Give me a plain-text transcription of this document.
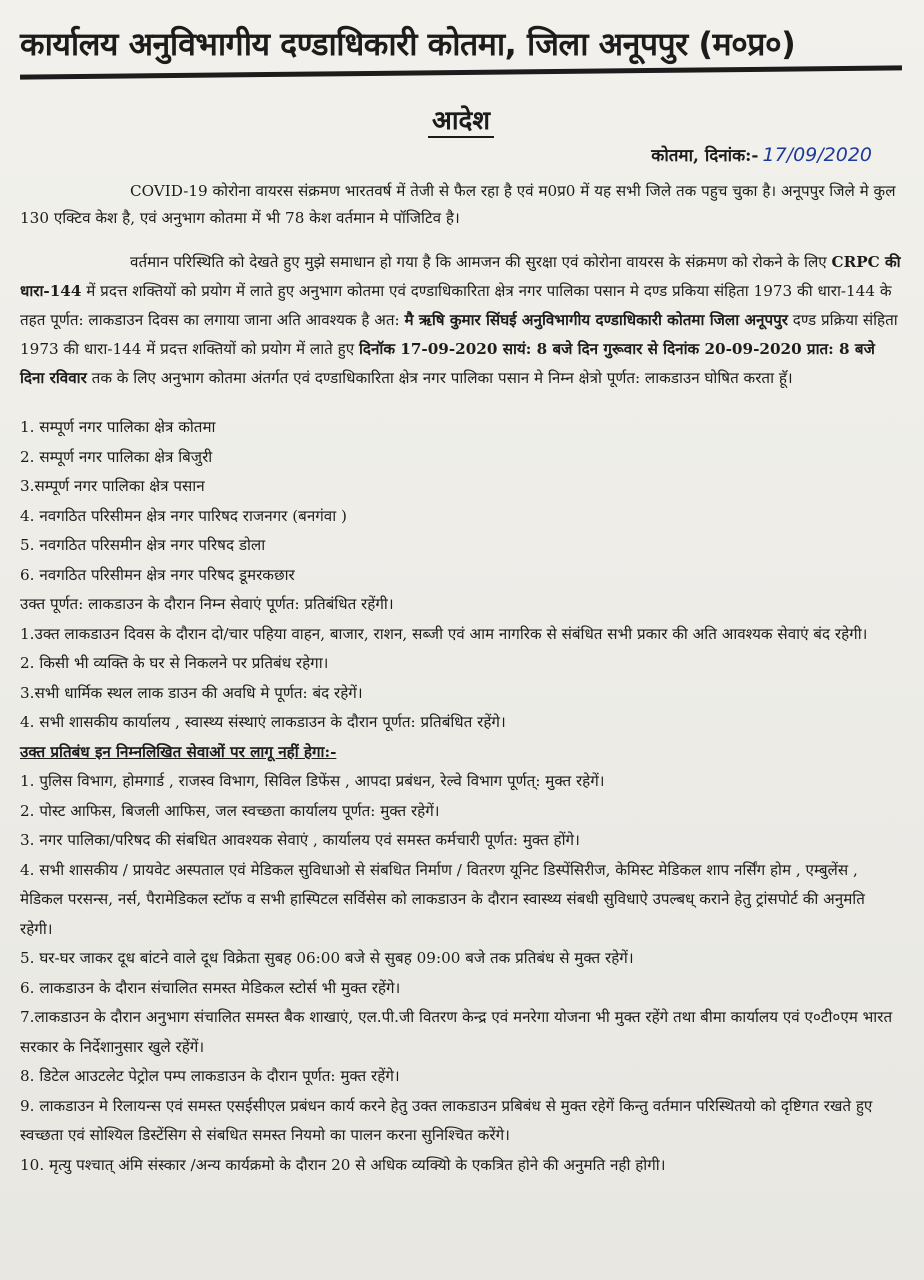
कार्यालय अनुविभागीय दण्डाधिकारी कोतमा, जिला अनूपपुर (म०प्र०)
आदेश
कोतमा, दिनांक:- 17/09/2020

COVID-19 कोरोना वायरस संक्रमण भारतवर्ष में तेजी से फैल रहा है एवं म0प्र0 में यह सभी जिले तक पहुच चुका है। अनूपपुर जिले मे कुल 130 एक्टिव केश है, एवं अनुभाग कोतमा में भी 78 केश वर्तमान मे पॉजिटिव है।

वर्तमान परिस्थिति को देखते हुए मुझे समाधान हो गया है कि आमजन की सुरक्षा एवं कोरोना वायरस के संक्रमण को रोकने के लिए CRPC की धारा-144 में प्रदत्त शक्तियों को प्रयोग में लाते हुए अनुभाग कोतमा एवं दण्डाधिकारिता क्षेत्र नगर पालिका पसान मे दण्ड प्रकिया संहिता 1973 की धारा-144 के तहत पूर्णत: लाकडाउन दिवस का लगाया जाना अति आवश्यक है अत: मै ऋषि कुमार सिंघई अनुविभागीय दण्डाधिकारी कोतमा जिला अनूपपुर दण्ड प्रक्रिया संहिता 1973 की धारा-144 में प्रदत्त शक्तियों को प्रयोग में लाते हुए दिनॉक 17-09-2020 सायं: 8 बजे दिन गुरूवार से दिनांक 20-09-2020 प्रात: 8 बजे दिना रविवार तक के लिए अनुभाग कोतमा अंतर्गत एवं दण्डाधिकारिता क्षेत्र नगर पालिका पसान मे निम्न क्षेत्रो पूर्णत: लाकडाउन घोषित करता हूॅ।

1. सम्पूर्ण नगर पालिका क्षेत्र कोतमा
2. सम्पूर्ण नगर पालिका क्षेत्र बिजुरी
3.सम्पूर्ण नगर पालिका क्षेत्र पसान
4. नवगठित परिसीमन क्षेत्र नगर पारिषद राजनगर (बनगंवा )
5. नवगठित परिसमीन क्षेत्र नगर परिषद डोला
6. नवगठित परिसीमन क्षेत्र नगर परिषद डूमरकछार
उक्त पूर्णत: लाकडाउन के दौरान निम्न सेवाएं पूर्णत: प्रतिबंधित रहेंगी।
1.उक्त लाकडाउन दिवस के दौरान दो/चार पहिया वाहन, बाजार, राशन, सब्जी एवं आम नागरिक से संबंधित सभी प्रकार की अति आवश्यक सेवाएं बंद रहेगी।
2. किसी भी व्यक्ति के घर से निकलने पर प्रतिबंध रहेगा।
3.सभी धार्मिक स्थल लाक डाउन की अवधि मे पूर्णत: बंद रहेगें।
4. सभी शासकीय कार्यालय , स्वास्थ्य संस्थाएं लाकडाउन के दौरान पूर्णत: प्रतिबंधित रहेंगे।
उक्त प्रतिबंध इन निम्नलिखित सेवाओं पर लागू नहीं हेगा:-
1. पुलिस विभाग, होमगार्ड , राजस्व विभाग, सिविल डिफेंस , आपदा प्रबंधन, रेल्वे विभाग पूर्णत्: मुक्त रहेगें।
2. पोस्ट आफिस, बिजली आफिस, जल स्वच्छता कार्यालय पूर्णत: मुक्त रहेगें।
3. नगर पालिका/परिषद की संबधित आवश्यक सेवाएं , कार्यालय एवं समस्त कर्मचारी पूर्णत: मुक्त होंगे।
4. सभी शासकीय / प्रायवेट अस्पताल एवं मेडिकल सुविधाओ से संबधित निर्माण / वितरण यूनिट डिस्पेंसिरीज, केमिस्ट मेडिकल शाप नर्सिंग होम , एम्बुलेंस , मेडिकल परसन्स, नर्स, पैरामेडिकल स्टॉफ व सभी हास्पिटल सर्विसेस को लाकडाउन के दौरान स्वास्थ्य संबधी सुविधाऐ उपल्बध् कराने हेतु ट्रांसपोर्ट की अनुमति रहेगी।
5. घर-घर जाकर दूध बांटने वाले दूध विक्रेता सुबह 06:00 बजे से सुबह 09:00 बजे तक प्रतिबंध से मुक्त रहेगें।
6. लाकडाउन के दौरान संचालित समस्त मेडिकल स्टोर्स भी मुक्त रहेंगे।
7.लाकडाउन के दौरान अनुभाग संचालित समस्त बैक शाखाएं, एल.पी.जी वितरण केन्द्र एवं मनरेगा योजना भी मुक्त रहेंगे तथा बीमा कार्यालय एवं ए०टी०एम भारत सरकार के निर्देशानुसार खुले रहेंगें।
8. डिटेल आउटलेट पेट्रोल पम्प लाकडाउन के दौरान पूर्णत: मुक्त रहेंगे।
9. लाकडाउन मे रिलायन्स एवं समस्त एसईसीएल प्रबंधन कार्य करने हेतु उक्त लाकडाउन प्रबिबंध से मुक्त रहेगें किन्तु वर्तमान परिस्थितयो को दृष्टिगत रखते हुए स्वच्छता एवं सोश्यिल डिस्टेंसिग से संबधित समस्त नियमो का पालन करना सुनिश्चित करेंगे।
10. मृत्यु पश्चात् अंमि संस्कार /अन्य कार्यक्रमो के दौरान 20 से अधिक व्यक्यिो के एकत्रित होने की अनुमति नही होगी।
